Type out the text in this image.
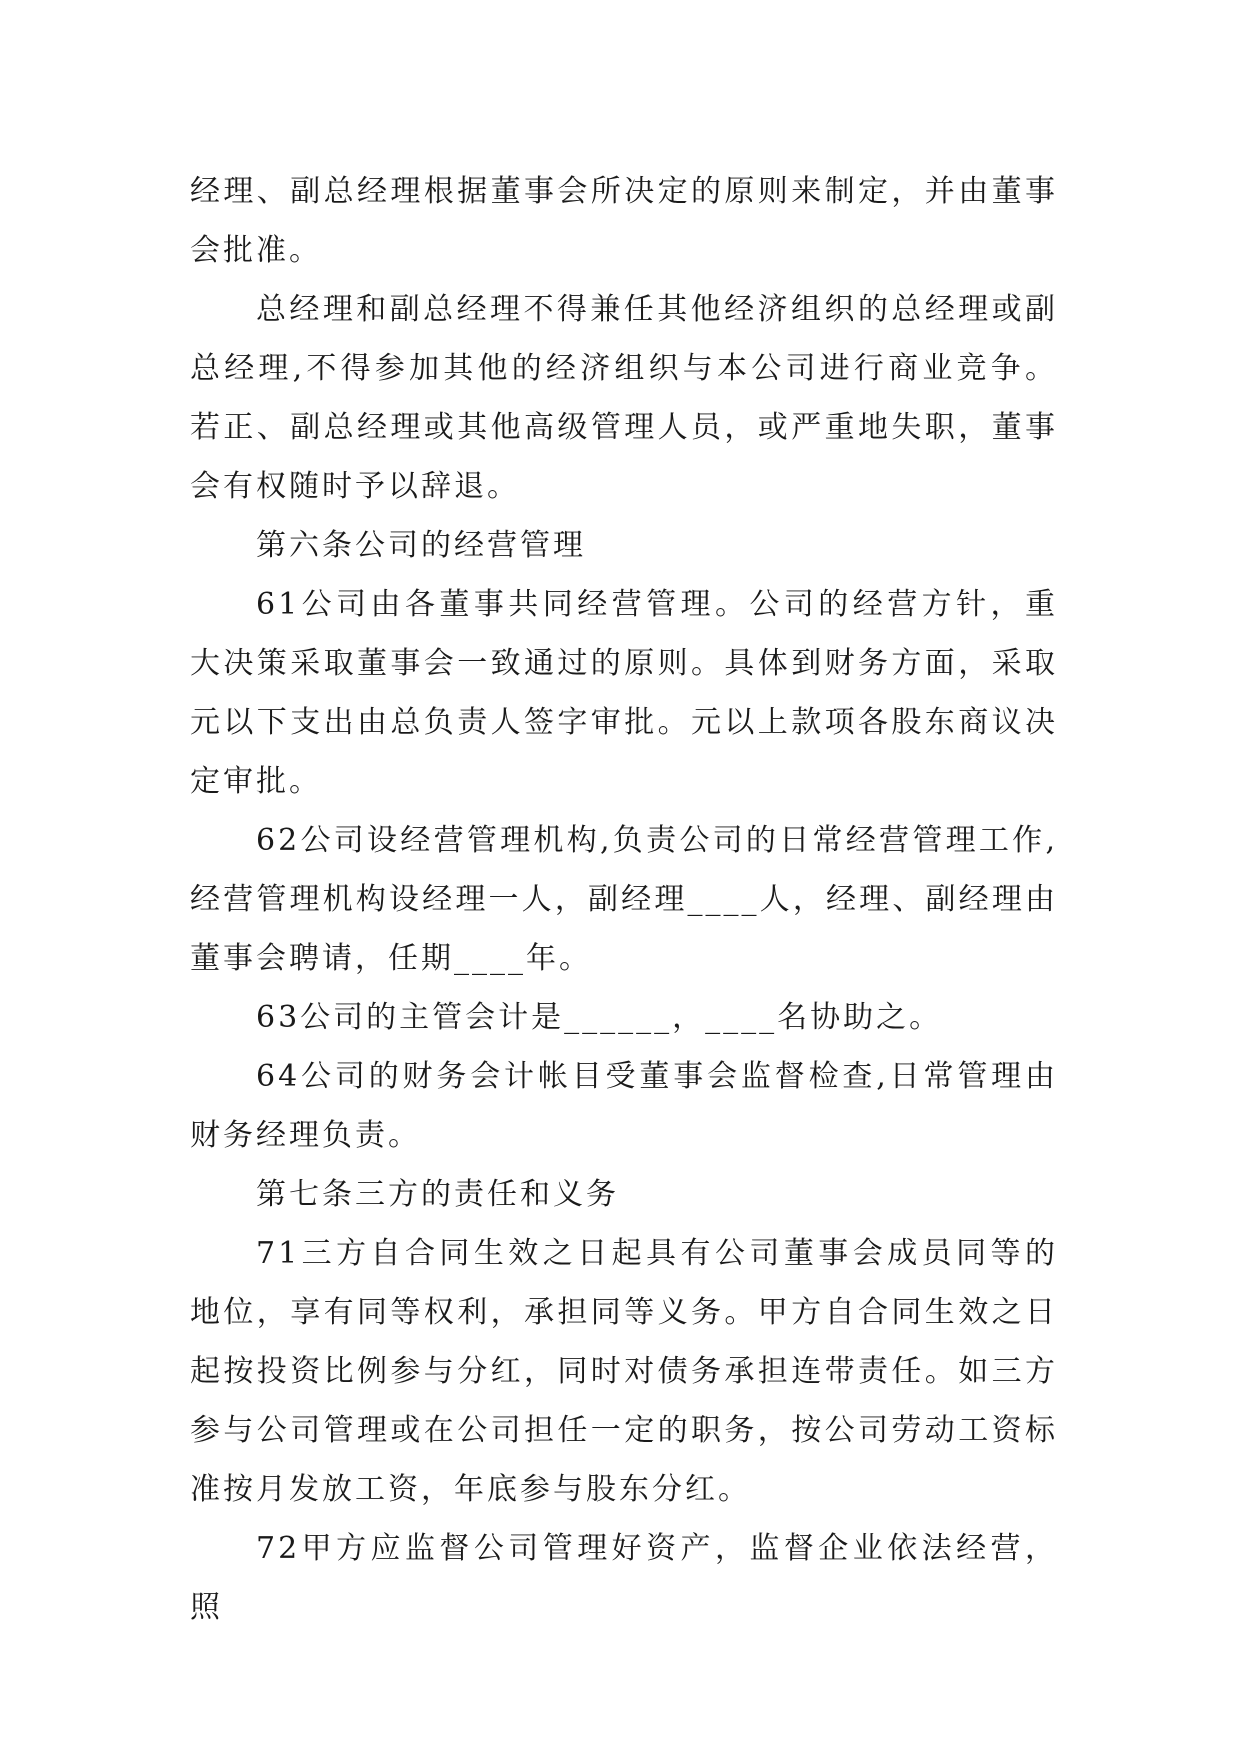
经理、副总经理根据董事会所决定的原则来制定，并由董事会批准。

总经理和副总经理不得兼任其他经济组织的总经理或副总经理,不得参加其他的经济组织与本公司进行商业竞争。若正、副总经理或其他高级管理人员，或严重地失职，董事会有权随时予以辞退。

第六条公司的经营管理

61公司由各董事共同经营管理。公司的经营方针，重大决策采取董事会一致通过的原则。具体到财务方面，采取元以下支出由总负责人签字审批。元以上款项各股东商议决定审批。

62公司设经营管理机构,负责公司的日常经营管理工作,经营管理机构设经理一人，副经理____人，经理、副经理由董事会聘请，任期____年。

63公司的主管会计是______，____名协助之。

64公司的财务会计帐目受董事会监督检查,日常管理由财务经理负责。

第七条三方的责任和义务

71三方自合同生效之日起具有公司董事会成员同等的地位，享有同等权利，承担同等义务。甲方自合同生效之日起按投资比例参与分红，同时对债务承担连带责任。如三方参与公司管理或在公司担任一定的职务，按公司劳动工资标准按月发放工资，年底参与股东分红。

72甲方应监督公司管理好资产，监督企业依法经营，照
